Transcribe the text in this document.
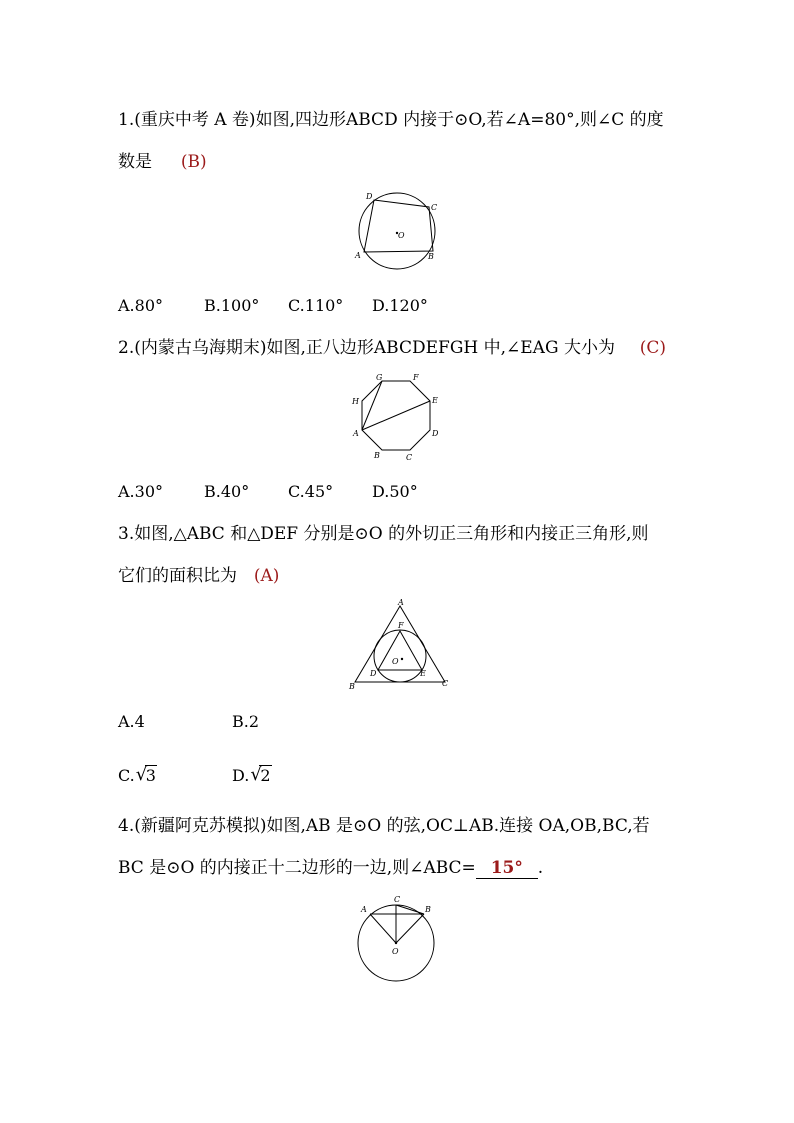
1.(重庆中考 A 卷)如图,四边形ABCD 内接于⊙O,若∠A=80°,则∠C 的度
数是 (B)
D
C
O
A	B
A.80°	B.100° C.110° D.120°
2.(内蒙古乌海期末)如图,正八边形ABCDEFGH 中,∠EAG 大小为 (C)
G	F
H	E
A	D
B	C
A.30°	B.40° C.45° D.50°
3.如图,△ABC 和△DEF 分别是⊙O 的外切正三角形和内接正三角形,则
它们的面积比为 (A)
A
F
O
D	E
B	C
A.4	B.2
C. √
3	D. √
2
4.(新疆阿克苏模拟)如图,AB 是⊙O 的弦,OC⊥AB.连接 OA,OB,BC,若
BC 是⊙O 的内接正十二边形的一边,则∠ABC= 15° .
C
A	B
O
